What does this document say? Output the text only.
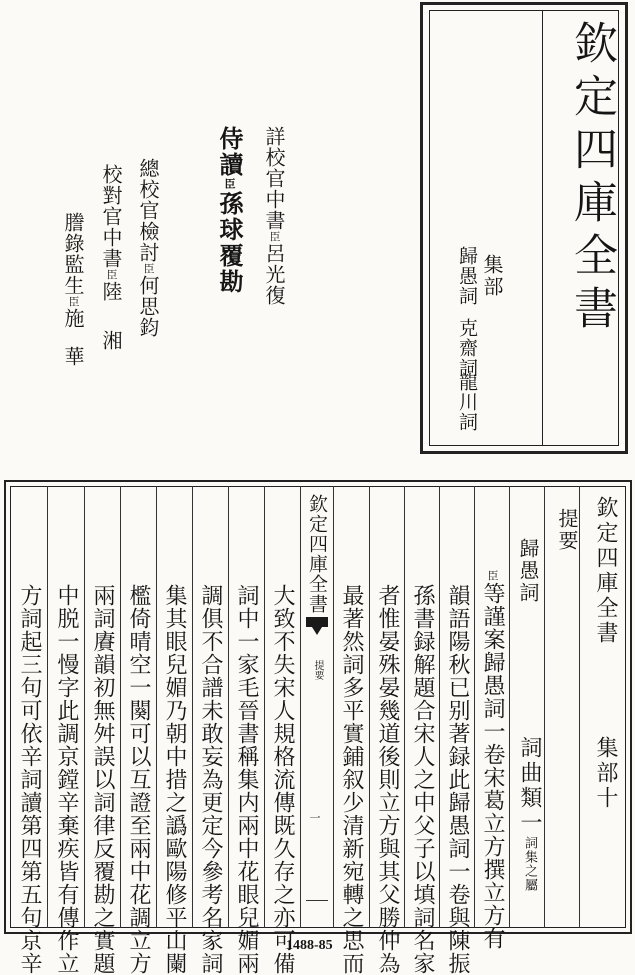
欽定四庫全書
集部
歸愚詞
克齋詞
龍川詞
詳校官中書臣呂光復
侍讀臣孫球覆勘
總校官檢討臣何思鈞
校對官中書臣陸
湘
謄錄監生臣施
華
欽定四庫全書
提要
一
欽定四庫全書
集部十
提要
歸愚詞
詞曲類一
詞集之屬
臣等謹案歸愚詞一卷宋葛立方撰立方有
韻語陽秋已别著録此歸愚詞一卷與陳振
孫書録解題合宋人之中父子以填詞名家
者惟晏殊晏幾道後則立方與其父勝仲為
最著然詞多平實鋪叙少清新宛轉之思而
大致不失宋人規格流傳既久存之亦可備
詞中一家毛晉書稱集内兩中花眼兒媚兩
調俱不合譜未敢妄為更定今參考名家詞
集其眼兒媚乃朝中措之譌歐陽修平山闌
檻倚晴空一闋可以互證至兩中花調立方
兩詞賡韻初無舛誤以詞律反覆勘之實題
中脱一慢字此調京鏜辛棄疾皆有傳作立
方詞起三句可依辛詞讀第四第五句京辛	1488-85
